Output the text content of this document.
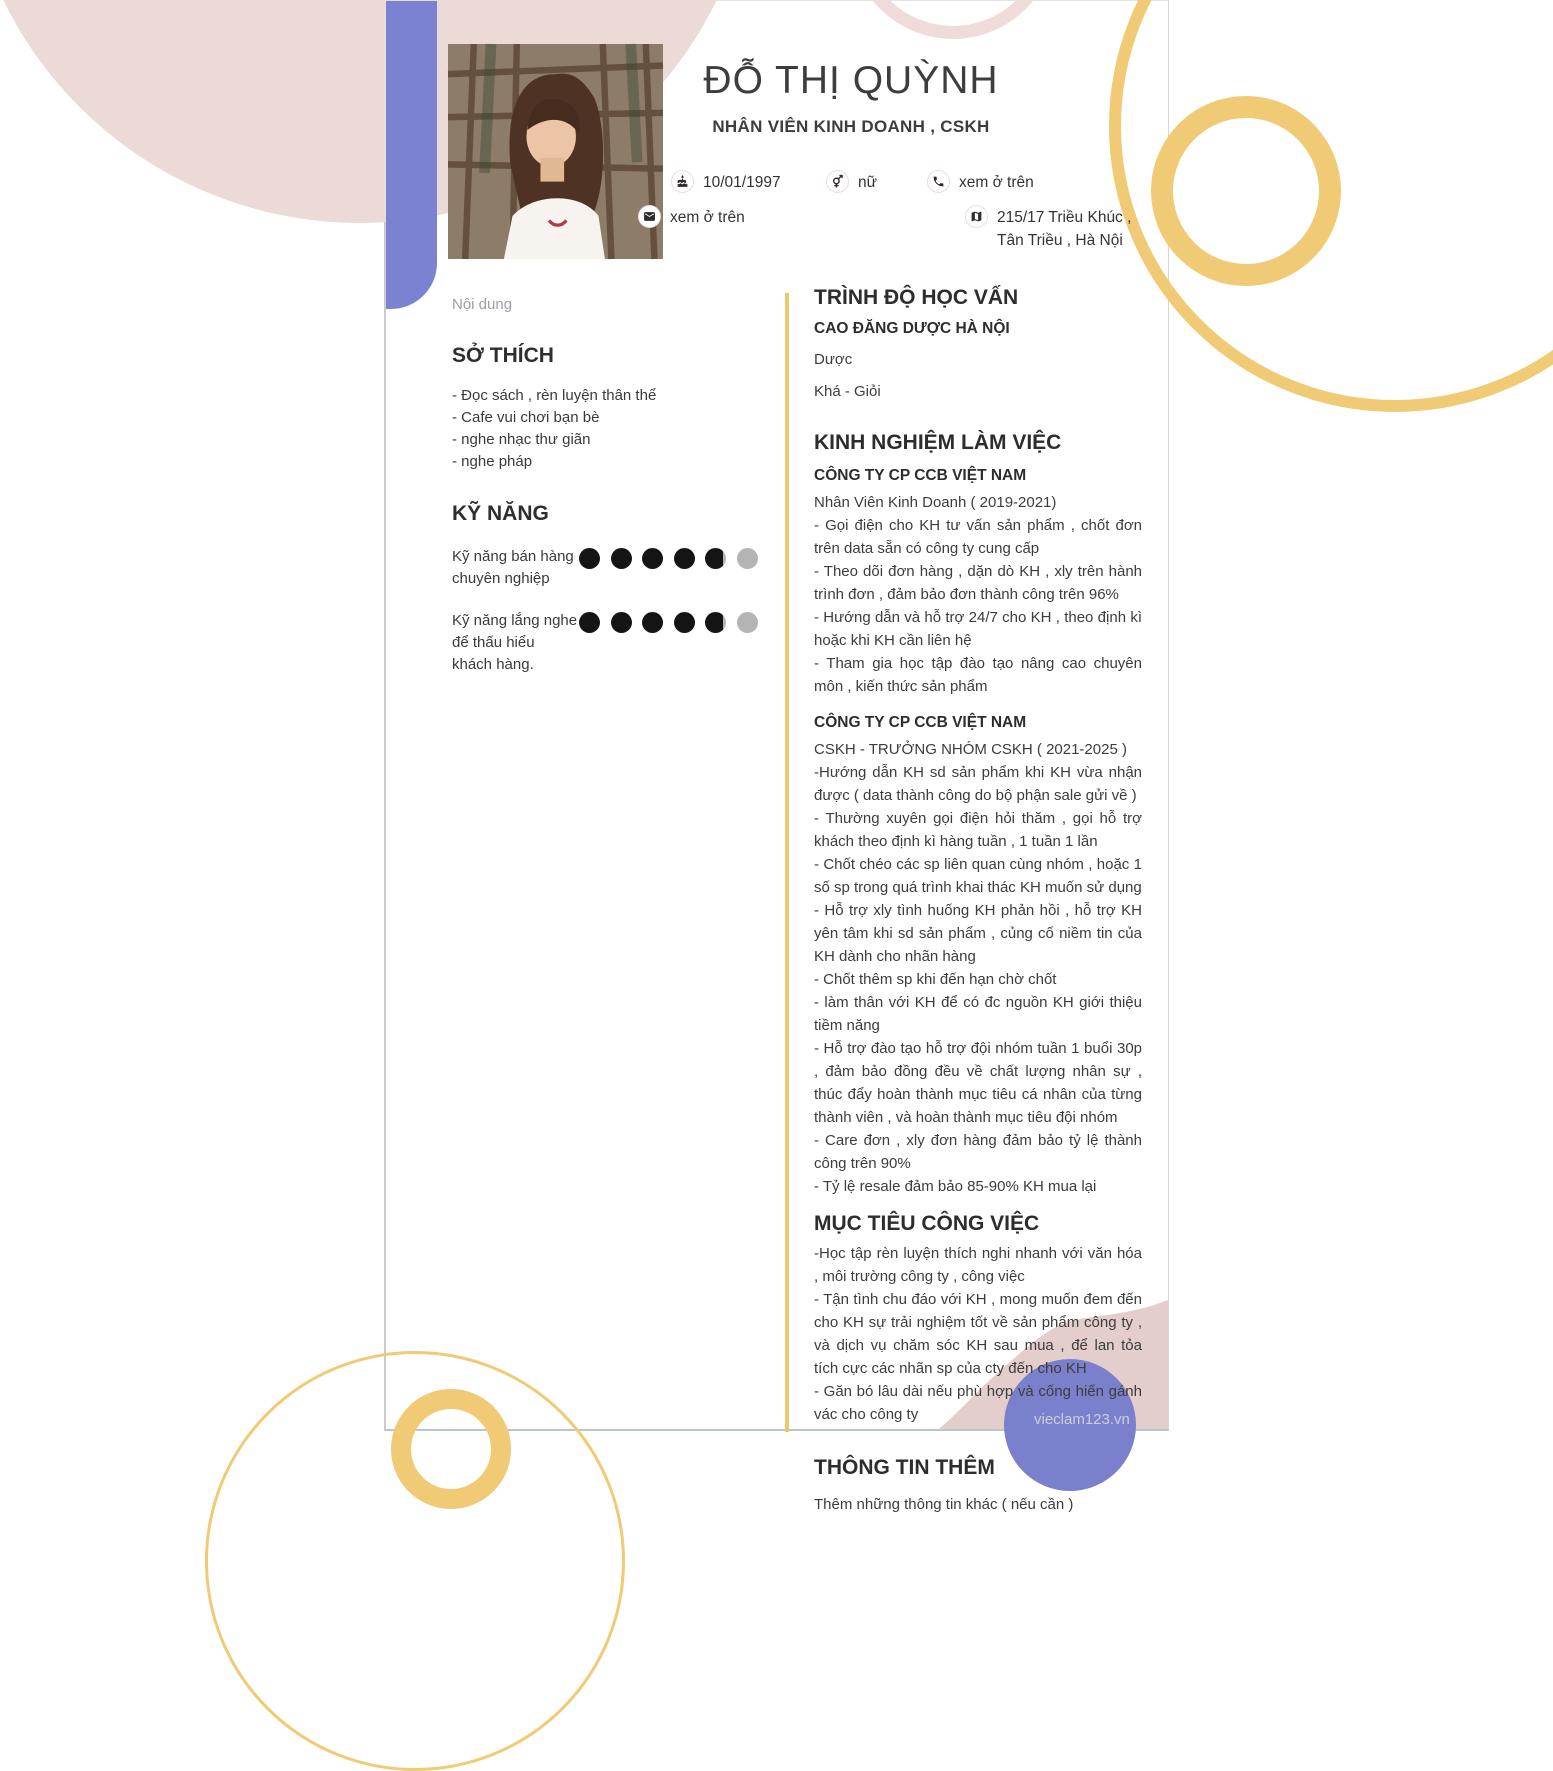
vieclam123.vn
ĐỖ THỊ QUỲNH
NHÂN VIÊN KINH DOANH , CSKH
10/01/1997	nữ	xem ở trên
xem ở trên	215/17 Triều Khúc ,
Tân Triều , Hà Nội
Nội dung
SỞ THÍCH
- Đọc sách , rèn luyện thân thể
- Cafe vui chơi bạn bè
- nghe nhạc thư giãn
- nghe pháp
KỸ NĂNG
Kỹ năng bán hàng chuyên nghiệp
Kỹ năng lắng nghe để thấu hiểu khách hàng.
TRÌNH ĐỘ HỌC VẤN
CAO ĐĂNG DƯỢC HÀ NỘI
Dược
Khá - Giỏi
KINH NGHIỆM LÀM VIỆC
CÔNG TY CP CCB VIỆT NAM
Nhân Viên Kinh Doanh ( 2019-2021)

- Gọi điện cho KH tư vấn sản phẩm , chốt đơn trên data sẵn có công ty cung cấp

- Theo dõi đơn hàng , dặn dò KH , xly trên hành trình đơn , đảm bảo đơn thành công trên 96%

- Hướng dẫn và hỗ trợ 24/7 cho KH , theo định kì hoặc khi KH cần liên hệ

- Tham gia học tập đào tạo nâng cao chuyên môn , kiến thức sản phẩm

CÔNG TY CP CCB VIỆT NAM
CSKH - TRƯỞNG NHÓM CSKH ( 2021-2025 )

-Hướng dẫn KH sd sản phẩm khi KH vừa nhận được ( data thành công do bộ phận sale gửi về )

- Thường xuyên gọi điện hỏi thăm , gọi hỗ trợ khách theo định kì hàng tuần , 1 tuần 1 lần

- Chốt chéo các sp liên quan cùng nhóm , hoặc 1 số sp trong quá trình khai thác KH muốn sử dụng

- Hỗ trợ xly tình huống KH phản hồi , hỗ trợ KH yên tâm khi sd sản phẩm , củng cố niềm tin của KH dành cho nhãn hàng

- Chốt thêm sp khi đến hạn chờ chốt

- làm thân với KH để có đc nguồn KH giới thiệu tiềm năng

- Hỗ trợ đào tạo hỗ trợ đội nhóm tuần 1 buổi 30p , đảm bảo đồng đều về chất lượng nhân sự , thúc đẩy hoàn thành mục tiêu cá nhân của từng thành viên , và hoàn thành mục tiêu đội nhóm

- Care đơn , xly đơn hàng đảm bảo tỷ lệ thành công trên 90%

- Tỷ lệ resale đảm bảo 85-90% KH mua lại

MỤC TIÊU CÔNG VIỆC

-Học tập rèn luyện thích nghi nhanh với văn hóa , môi trường công ty , công việc

- Tận tình chu đáo với KH , mong muốn đem đến cho KH sự trải nghiệm tốt về sản phẩm công ty , và dịch vụ chăm sóc KH sau mua , để lan tỏa tích cực các nhãn sp của cty đến cho KH

- Găn bó lâu dài nếu phù hợp và cống hiến gánh vác cho công ty

THÔNG TIN THÊM
Thêm những thông tin khác ( nếu cần )
